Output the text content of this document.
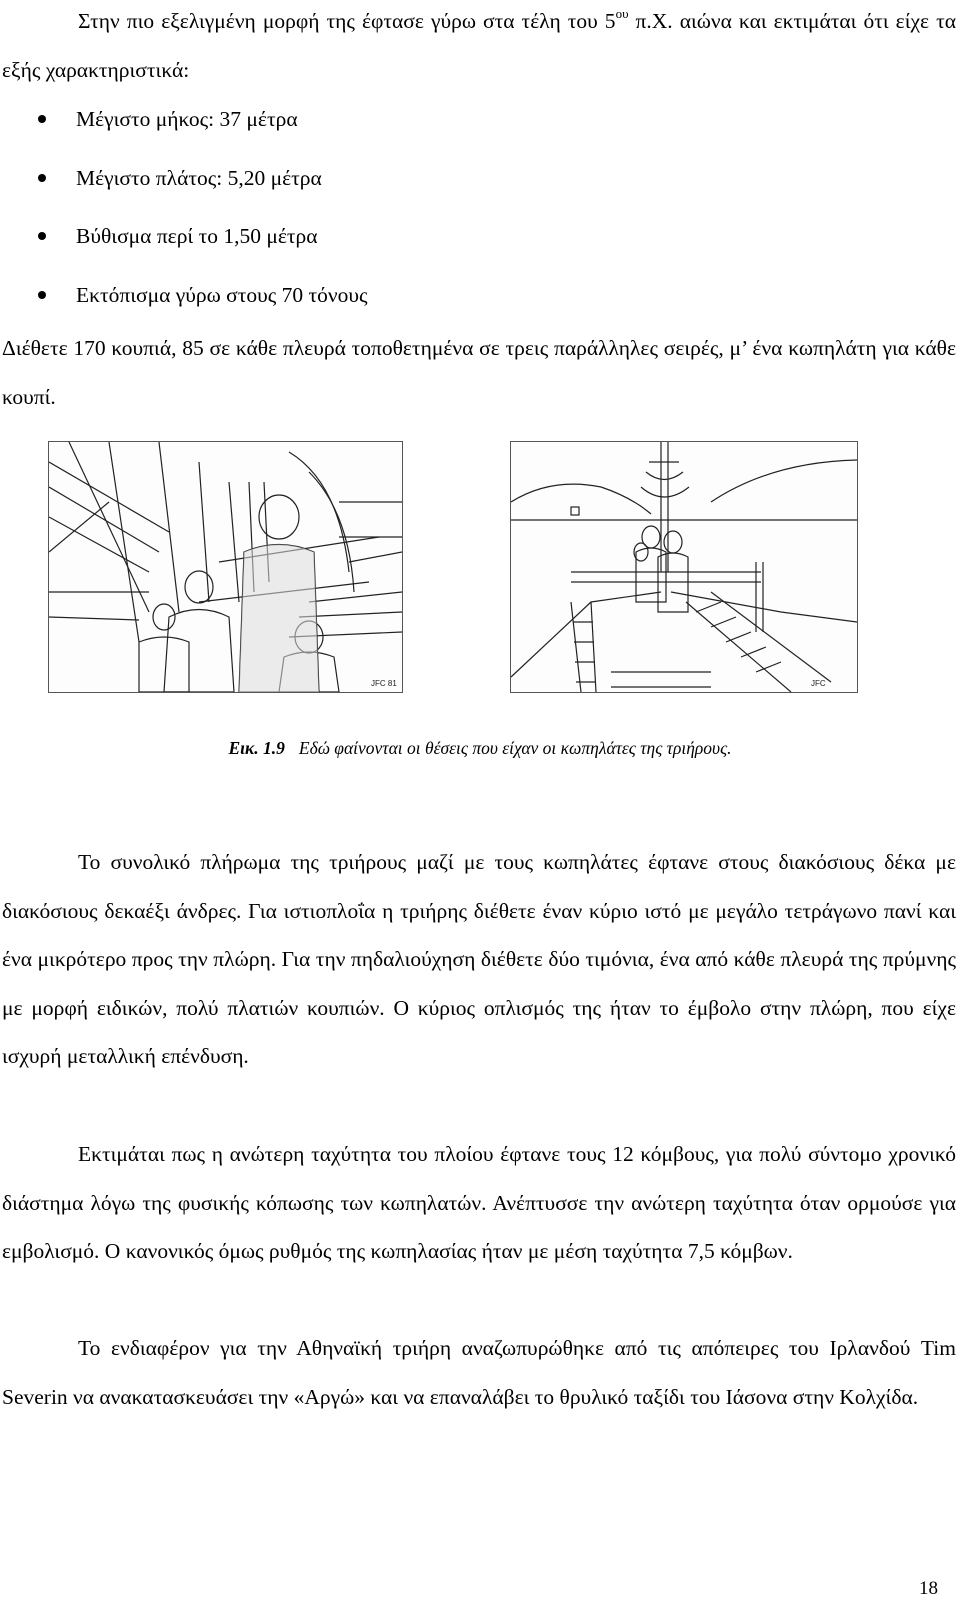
Στην πιο εξελιγμένη μορφή της έφτασε γύρω στα τέλη του $5^{o\upsilon}$ π.Χ. αιώνα και εκτιμάται ότι είχε τα εξής χαρακτηριστικά:
Μέγιστο μήκος: 37 μέτρα
Μέγιστο πλάτος: 5,20 μέτρα
Βύθισμα περί το 1,50 μέτρα
Εκτόπισμα γύρω στους 70 τόνους
Διέθετε 170 κουπιά, 85 σε κάθε πλευρά τοποθετημένα σε τρεις παράλληλες σειρές, μ’ ένα κωπηλάτη για κάθε κουπί.
JFC 81	JFC
Εικ. 1.9 Εδώ φαίνονται οι θέσεις που είχαν οι κωπηλάτες της τριήρους.
Το συνολικό πλήρωμα της τριήρους μαζί με τους κωπηλάτες έφτανε στους διακόσιους δέκα με διακόσιους δεκαέξι άνδρες. Για ιστιοπλοΐα η τριήρης διέθετε έναν κύριο ιστό με μεγάλο τετράγωνο πανί και ένα μικρότερο προς την πλώρη. Για την πηδαλιούχηση διέθετε δύο τιμόνια, ένα από κάθε πλευρά της πρύμνης με μορφή ειδικών, πολύ πλατιών κουπιών. Ο κύριος οπλισμός της ήταν το έμβολο στην πλώρη, που είχε ισχυρή μεταλλική επένδυση.
Εκτιμάται πως η ανώτερη ταχύτητα του πλοίου έφτανε τους 12 κόμβους, για πολύ σύντομο χρονικό διάστημα λόγω της φυσικής κόπωσης των κωπηλατών. Ανέπτυσσε την ανώτερη ταχύτητα όταν ορμούσε για εμβολισμό. Ο κανονικός όμως ρυθμός της κωπηλασίας ήταν με μέση ταχύτητα 7,5 κόμβων.
Το ενδιαφέρον για την Αθηναϊκή τριήρη αναζωπυρώθηκε από τις απόπειρες του Ιρλανδού Tim Severin να ανακατασκευάσει την «Αργώ» και να επαναλάβει το θρυλικό ταξίδι του Ιάσονα στην Κολχίδα.
18
